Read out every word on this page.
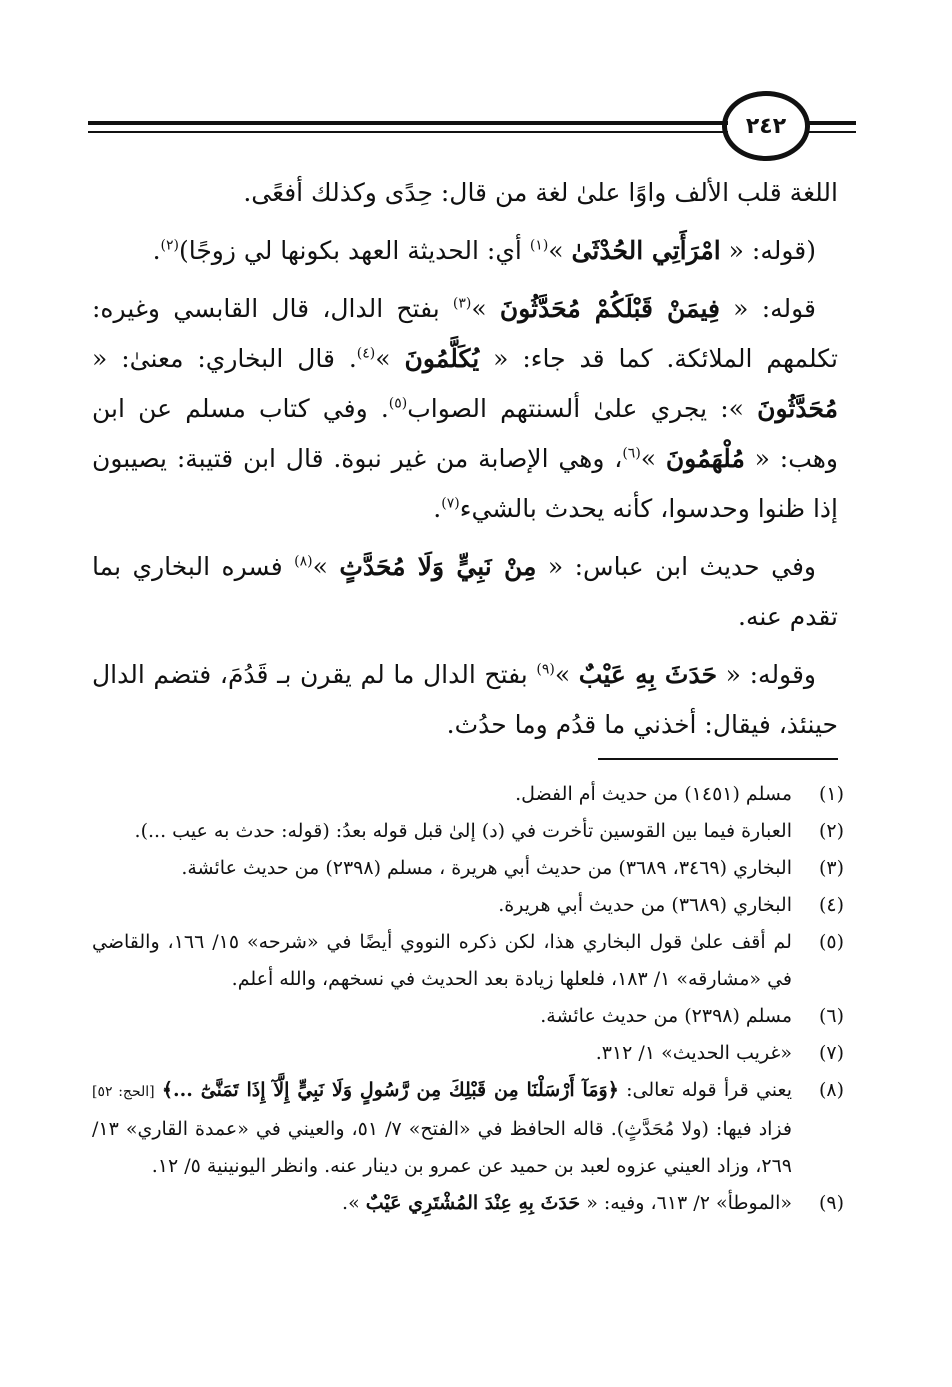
٢٤٢

اللغة قلب الألف واوًا علىٰ لغة من قال: حِدًى وكذلك أفعًى.

(قوله: « امْرَأَتِي الحُدْثَىٰ »$^{(١)}$ أي: الحديثة العهد بكونها لي زوجًا)$^{(٢)}$.

قوله: « فِيمَنْ قَبْلَكُمْ مُحَدَّثُونَ »$^{(٣)}$ بفتح الدال، قال القابسي وغيره: تكلمهم الملائكة. كما قد جاء: « يُكَلَّمُونَ »$^{(٤)}$. قال البخاري: معنىٰ: « مُحَدَّثُونَ »: يجري علىٰ ألسنتهم الصواب$^{(٥)}$. وفي كتاب مسلم عن ابن وهب: « مُلْهَمُونَ »$^{(٦)}$، وهي الإصابة من غير نبوة. قال ابن قتيبة: يصيبون إذا ظنوا وحدسوا، كأنه يحدث بالشيء$^{(٧)}$.

وفي حديث ابن عباس: « مِنْ نَبِيٍّ وَلَا مُحَدَّثٍ »$^{(٨)}$ فسره البخاري بما تقدم عنه.

وقوله: « حَدَثَ بِهِ عَيْبٌ »$^{(٩)}$ بفتح الدال ما لم يقرن بـ قَدُمَ، فتضم الدال حينئذ، فيقال: أخذني ما قدُم وما حدُث.

(١)
مسلم (١٤٥١) من حديث أم الفضل.
(٢)
العبارة فيما بين القوسين تأخرت في (د) إلىٰ قبل قوله بعدُ: (قوله: حدث به عيب ...).
(٣)
البخاري (٣٤٦٩، ٣٦٨٩) من حديث أبي هريرة ، مسلم (٢٣٩٨) من حديث عائشة.
(٤)
البخاري (٣٦٨٩) من حديث أبي هريرة.
(٥)
لم أقف علىٰ قول البخاري هذا، لكن ذكره النووي أيضًا في «شرحه» ١٥/ ١٦٦، والقاضي في «مشارقه» ١/ ١٨٣، فلعلها زيادة بعد الحديث في نسخهم، والله أعلم.
(٦)
مسلم (٢٣٩٨) من حديث عائشة.
(٧)
«غريب الحديث» ١/ ٣١٢.
(٨)
يعني قرأ قوله تعالى: ﴿وَمَآ أَرْسَلْنَا مِن قَبْلِكَ مِن رَّسُولٍ وَلَا نَبِيٍّ إِلَّآ إِذَا تَمَنَّىٰٓ ...﴾ [الحج: ٥٢] فزاد فيها: (ولا مُحَدَّثٍ). قاله الحافظ في «الفتح» ٧/ ٥١، والعيني في «عمدة القاري» ١٣/ ٢٦٩، وزاد العيني عزوه لعبد بن حميد عن عمرو بن دينار عنه. وانظر اليونينية ٥/ ١٢.
(٩)
«الموطأ» ٢/ ٦١٣، وفيه: « حَدَثَ بِهِ عِنْدَ المُشْتَرِي عَيْبٌ ».
